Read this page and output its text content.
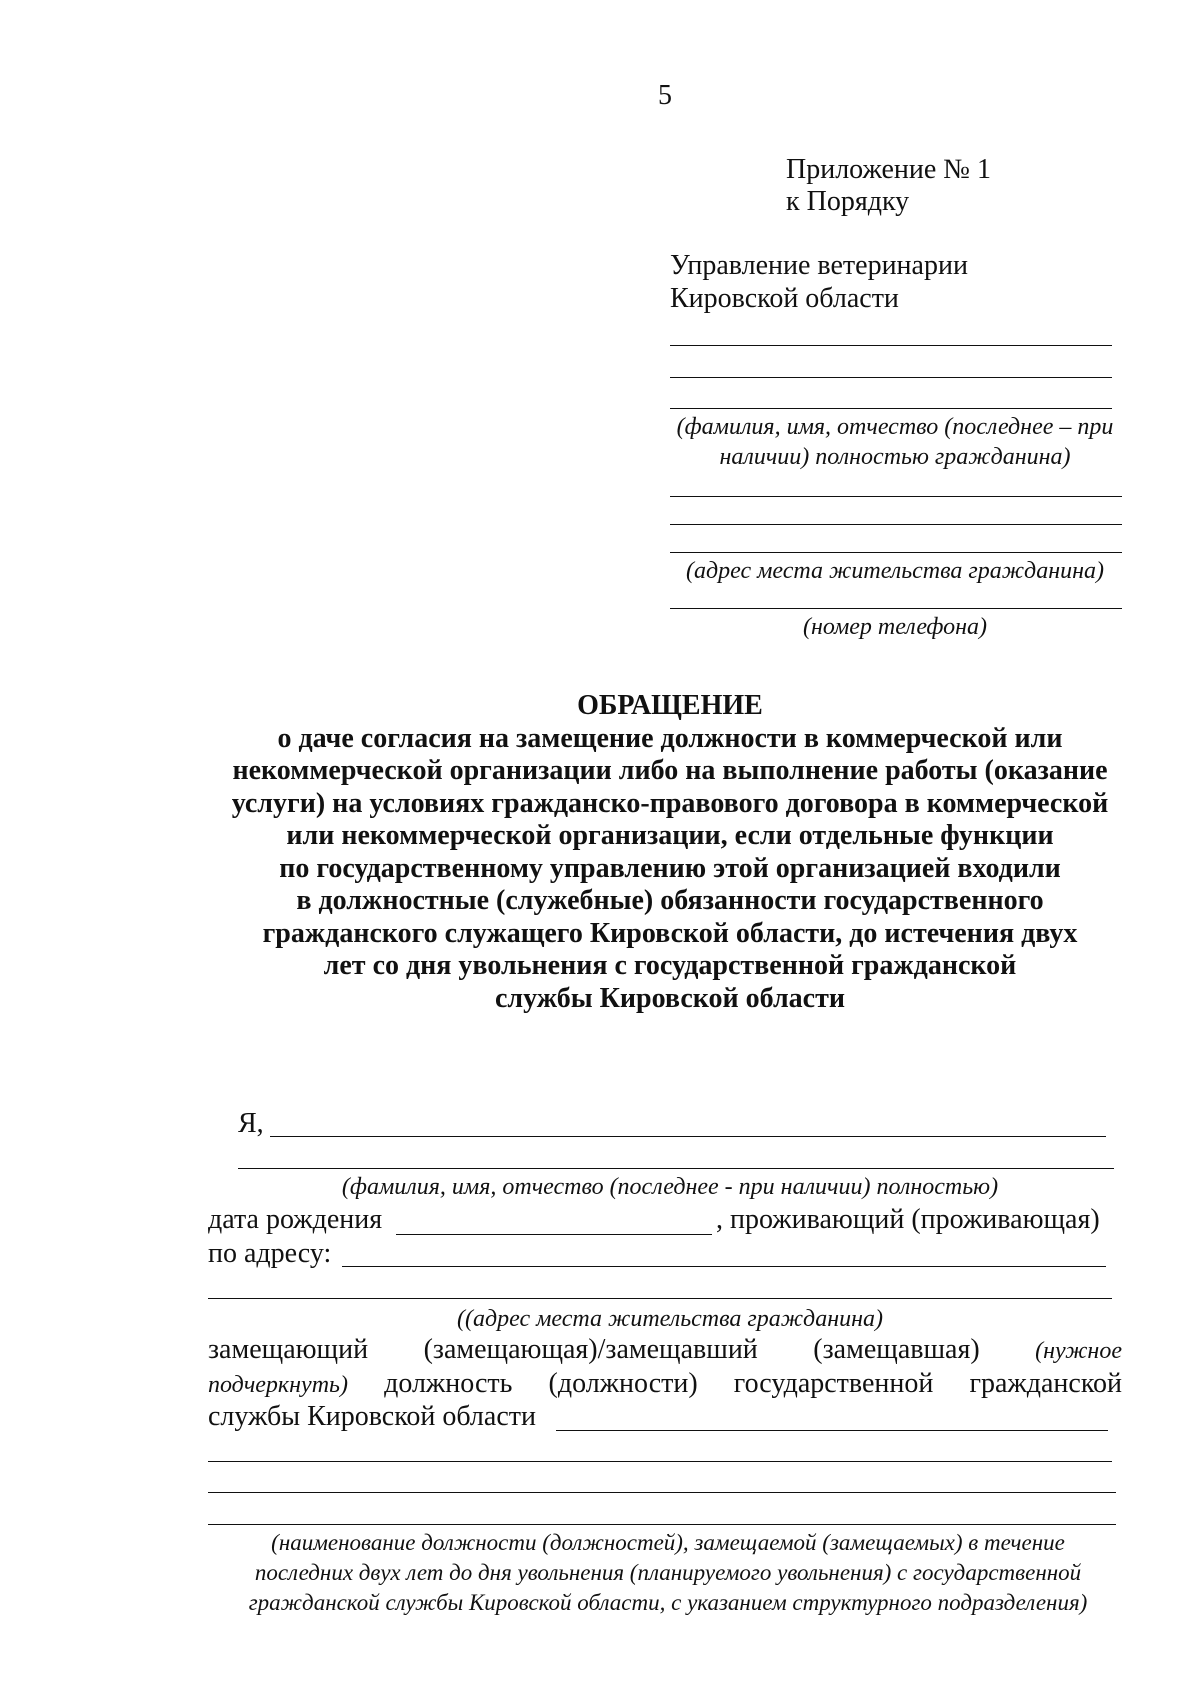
5
Приложение № 1
к Порядку
Управление ветеринарии
Кировской области
(фамилия, имя, отчество (последнее – при
наличии) полностью гражданина)
(адрес места жительства гражданина)
(номер телефона)
ОБРАЩЕНИЕ
о даче согласия на замещение должности в коммерческой или
некоммерческой организации либо на выполнение работы (оказание
услуги) на условиях гражданско-правового договора в коммерческой
или некоммерческой организации, если отдельные функции
по государственному управлению этой организацией входили
в должностные (служебные) обязанности государственного
гражданского служащего Кировской области, до истечения двух
лет со дня увольнения с государственной гражданской
службы Кировской области
Я,
(фамилия, имя, отчество (последнее - при наличии) полностью)
дата рождения	, проживающий (проживающая)
по адресу:
((адрес места жительства гражданина)
замещающий (замещающая)/замещавший (замещавшая) (нужное
подчеркнуть) должность (должности) государственной гражданской
службы Кировской области
(наименование должности (должностей), замещаемой (замещаемых) в течение
последних двух лет до дня увольнения (планируемого увольнения) с государственной
гражданской службы Кировской области, с указанием структурного подразделения)
